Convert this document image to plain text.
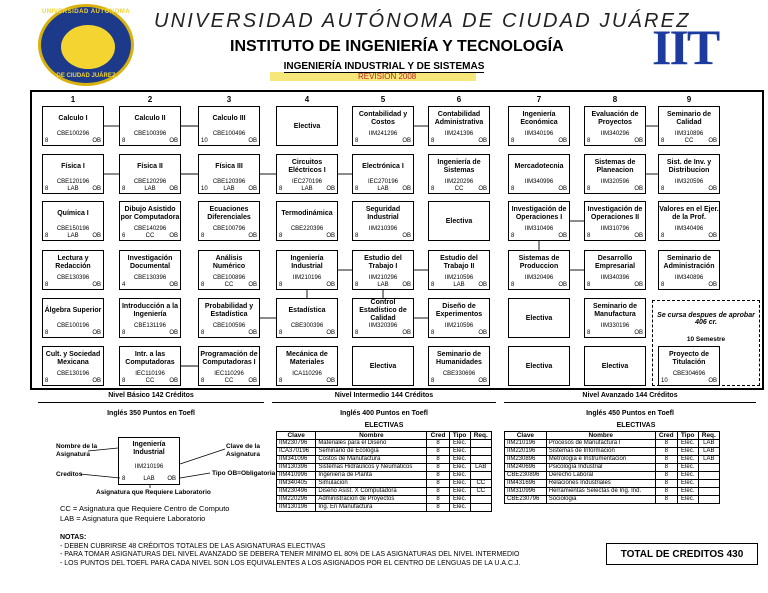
UNIVERSIDAD AUTÓNOMA
DE CIUDAD JUÁREZ
UNIVERSIDAD AUTÓNOMA DE CIUDAD JUÁREZ
INSTITUTO DE INGENIERÍA Y TECNOLOGÍA
INGENIERÍA INDUSTRIAL Y DE SISTEMAS
REVISIÓN 2008
IIT
1	2	3	4	5	6	7	8	9
Calculo I
CBE100296
8	OB
Calculo II
CBE100396
8	OB
Calculo III
CBE100496
10	OB
Electiva
Contabilidad y Costos
IIM241296
8	OB
Contabilidad Administrativa
IIM241396
8	OB
Ingeniería Económica
IIM340196
8	OB
Evaluación de Proyectos
IIM340296
8	OB
Seminario de Calidad
IIM310896
8	CC	OB
Física I
CBE120196
8	LAB	OB
Física II
CBE120296
8	LAB	OB
Física III
CBE120396
10	LAB	OB
Circuitos Eléctricos I
IEC270196
8	LAB	OB
Electrónica I
IEC270196
8	LAB	OB
Ingeniería de Sistemas
IIM220296
8	CC	OB
Mercadotecnia
IIM340996
8	OB
Sistemas de Planeacion
IIM320596
8	OB
Sist. de Inv. y Distribucion
IIM320596
8	OB
Química I
CBE150196
8	LAB	OB
Dibujo Asistido por Computadora
CBE140296
6	CC	OB
Ecuaciones Diferenciales
CBE100796
8	OB
Termodinámica
CBE220396
8	OB
Seguridad Industrial
IIM210396
8	OB
Electiva
Investigación de Operaciones I
IIM310496
8	OB
Investigación de Operaciones II
IIM310796
8	OB
Valores en el Ejer. de la Prof.
IIM340496
8	OB
Lectura y Redacción
CBE130396
8	OB
Investigación Documental
CBE130396
4	OB
Análisis Numérico
CBE100896
8	CC	OB
Ingeniería Industrial
IIM210196
8	OB
Estudio del Trabajo I
IIM210296
8	LAB	OB
Estudio del Trabajo II
IIM210596
8	LAB	OB
Sistemas de Produccion
IIM320496
8	OB
Desarrollo Empresarial
IIM340396
8	OB
Seminario de Administración
IIM340896
8	OB
Álgebra Superior
CBE100196
8	OB
Introducción a la Ingeniería
CBE131196
8	OB
Probabilidad y Estadística
CBE100596
8	OB
Estadística
CBE300396
8	OB
Control Estadístico de Calidad
IIM320396
8	OB
Diseño de Experimentos
IIM210596
8	OB
Electiva
Seminario de Manufactura
IIM330196
8	OB
Cult. y Sociedad Mexicana
CBE130196
8	OB
Intr. a las Computadoras
IEC110196
8	CC	OB
Programación de Computadoras I
IEC110296
8	CC	OB
Mecánica de Materiales
ICA110296
8	OB
Electiva
Seminario de Humanidades
CBE330696
8	OB
Electiva	Electiva
Proyecto de Titulación
CBE304696
10	OB
Se cursa despues de aprobar 406 cr.
10 Semestre
Nivel Básico 142 Créditos
Inglés 350 Puntos en Toefl
Nivel Intermedio 144 Créditos
Inglés 400 Puntos en Toefl
Nivel Avanzado 144 Créditos
Inglés 450 Puntos en Toefl
Ingeniería Industrial
IIM210196
8	LAB	OB
Nombre de la Asignatura
Creditos
Clave de la Asignatura
Tipo OB=Obligatoria
Asignatura que Requiere Laboratorio
CC = Asignatura que Requiere Centro de Computo
LAB = Asignatura que Requiere Laboratorio
ELECTIVAS
Clave	Nombre	Cred	Tipo	Req.
IIM230796	Materiales para el Diseño	8	Elec.	
ICA370196	Seminario de Ecología	8	Elec.	
IIM341096	Costos de Manufactura	8	Elec.	
IIM130396	Sistemas Hidráulicos y Neumáticos	8	Elec.	LAB
IIM410996	Ingeniería de Planta	8	Elec.	
IIM340405	Simulacion	8	Elec.	CC
IIM230496	Diseño Asist. X Computadora	8	Elec.	CC
IIM220296	Administracion de Proyectos	8	Elec.	
IIM130196	Ing. En Manufactura	8	Elec.	
ELECTIVAS
Clave	Nombre	Cred	Tipo	Req.
IIM210196	Procesos de Manufactura I	8	Elec.	LAB
IIM220196	Sistemas de Información	8	Elec.	LAB
IIM230896	Metrologia e Instrumentacion	8	Elec.	LAB
IIM240696	Psicología Industrial	8	Elec.	
CBE230896	Derecho Laboral	8	Elec.	
IIM431696	Relaciones Industriales	8	Elec.	
IIM310996	Herramientas Selectas de Ing. Ind.	8	Elec.	
CBE230796	Sociologia	8	Elec.	
NOTAS:
- DEBEN CUBRIRSE 48 CRÉDITOS TOTALES DE LAS ASIGNATURAS ELECTIVAS
- PARA TOMAR ASIGNATURAS DEL NIVEL AVANZADO SE DEBERA TENER MINIMO EL 80% DE LAS ASIGNATURAS DEL NIVEL INTERMEDIO
- LOS PUNTOS DEL TOEFL PARA CADA NIVEL SON LOS EQUIVALENTES A LOS ASIGNADOS POR EL CENTRO DE LENGUAS DE LA U.A.C.J.
TOTAL DE CREDITOS 430
